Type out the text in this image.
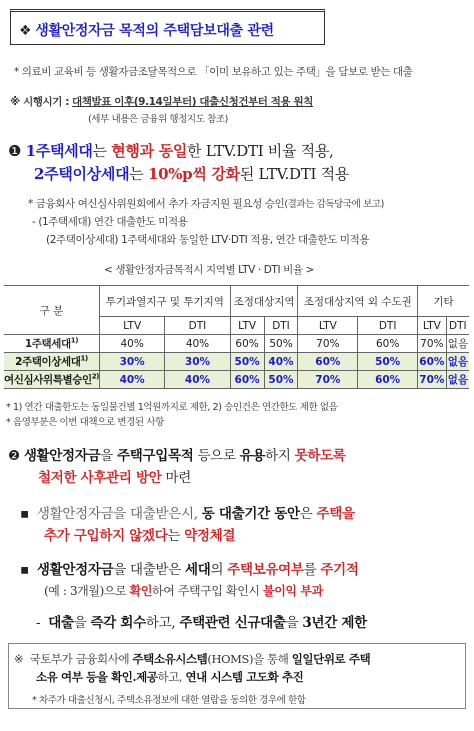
❖ 생활안정자금 목적의 주택담보대출 관련
* 의료비 교육비 등 생활자금조달목적으로 「이미 보유하고 있는 주택」을 담보로 받는 대출
※ 시행시기 : 대책발표 이후(9.14일부터) 대출신청건부터 적용 원칙
(세부 내용은 금융위 행정지도 참조)
❶ 1주택세대는 현행과 동일한 LTV.DTI 비율 적용,
2주택이상세대는 10%p씩 강화된 LTV.DTI 적용
* 금융회사 여신심사위원회에서 추가 자금지원 필요성 승인(결과는 감독당국에 보고)
- (1주택세대) 연간 대출한도 미적용
(2주택이상세대) 1주택세대와 동일한 LTV·DTI 적용, 연간 대출한도 미적용
< 생활안정자금목적시 지역별 LTV · DTI 비율 >
구 분	투기과열지구 및 투기지역		조정대상지역		조정대상지역 외 수도권		기타	
	LTV	DTI	LTV	DTI	LTV	DTI	LTV	DTI
1주택세대$^{1)}$	40%	40%	60%	50%	70%	60%	70%	없음
2주택이상세대$^{1)}$	30%	30%	50%	40%	60%	50%	60%	없음
여신심사위특별승인$^{2)}$	40%	40%	60%	50%	70%	60%	70%	없음
* 1) 연간 대출한도는 동일물건별 1억원까지로 제한, 2) 승인건은 연간한도 제한 없음
* 음영부분은 이번 대책으로 변경된 사항
❷ 생활안정자금을 주택구입목적 등으로 유용하지 못하도록
철저한 사후관리 방안 마련
▪ 생활안정자금을 대출받은시, 동 대출기간 동안은 주택을
추가 구입하지 않겠다는 약정체결
▪ 생활안정자금을 대출받은 세대의 주택보유여부를 주기적
(예 : 3개월)으로 확인하여 주택구입 확인시 불이익 부과
- 대출을 즉각 회수하고, 주택관련 신규대출을 3년간 제한
※ 국토부가 금융회사에 주택소유시스템(HOMS)을 통해 일일단위로 주택
소유 여부 등을 확인.제공하고, 연내 시스템 고도화 추진
* 차주가 대출신청시, 주택소유정보에 대한 열람을 동의한 경우에 한함
